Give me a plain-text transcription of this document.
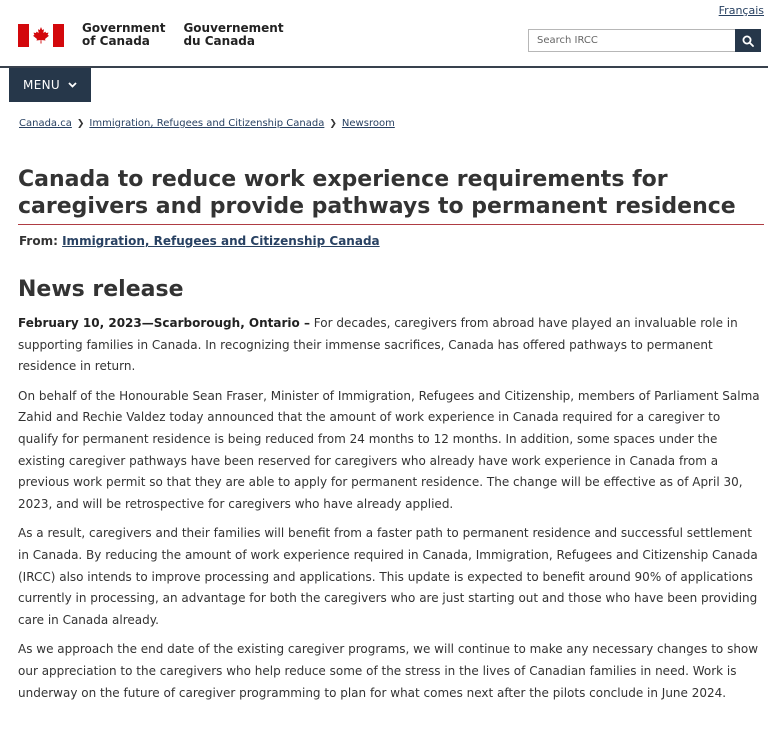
Français
Government
of Canada
Gouvernement
du Canada
Search IRCC
MENU
Canada.ca ❯ Immigration, Refugees and Citizenship Canada ❯ Newsroom
Canada to reduce work experience requirements for caregivers and provide pathways to permanent residence
From: Immigration, Refugees and Citizenship Canada
News release

February 10, 2023—Scarborough, Ontario – For decades, caregivers from abroad have played an invaluable role in supporting families in Canada. In recognizing their immense sacrifices, Canada has offered pathways to permanent residence in return.

On behalf of the Honourable Sean Fraser, Minister of Immigration, Refugees and Citizenship, members of Parliament Salma Zahid and Rechie Valdez today announced that the amount of work experience in Canada required for a caregiver to qualify for permanent residence is being reduced from 24 months to 12 months. In addition, some spaces under the existing caregiver pathways have been reserved for caregivers who already have work experience in Canada from a previous work permit so that they are able to apply for permanent residence. The change will be effective as of April 30, 2023, and will be retrospective for caregivers who have already applied.

As a result, caregivers and their families will benefit from a faster path to permanent residence and successful settlement in Canada. By reducing the amount of work experience required in Canada, Immigration, Refugees and Citizenship Canada (IRCC) also intends to improve processing and applications. This update is expected to benefit around 90% of applications currently in processing, an advantage for both the caregivers who are just starting out and those who have been providing care in Canada already.

As we approach the end date of the existing caregiver programs, we will continue to make any necessary changes to show our appreciation to the caregivers who help reduce some of the stress in the lives of Canadian families in need. Work is underway on the future of caregiver programming to plan for what comes next after the pilots conclude in June 2024.
